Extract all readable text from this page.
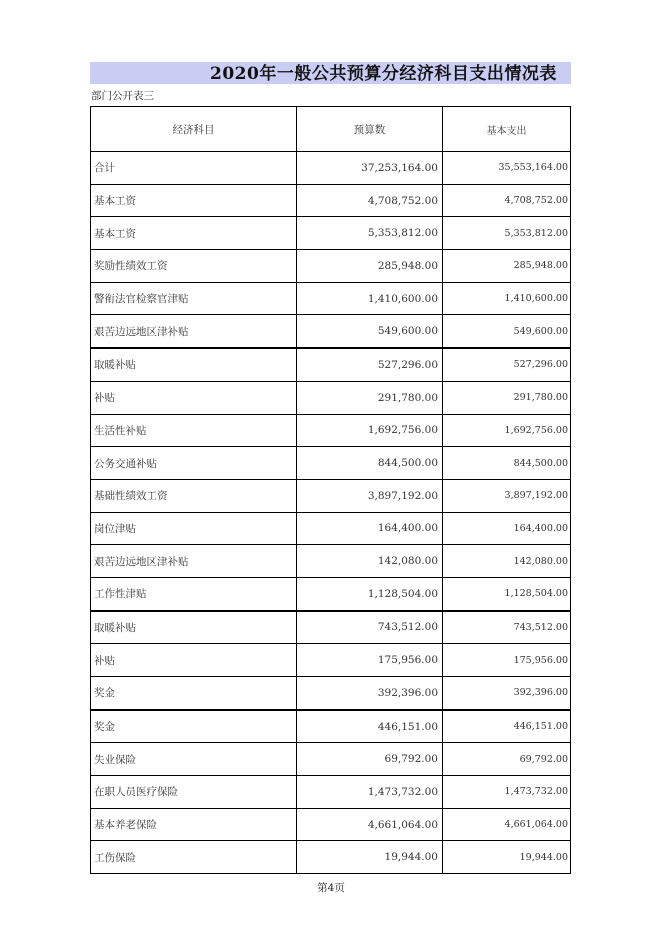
2020年一般公共预算分经济科目支出情况表
部门公开表三
经济科目	预算数	基本支出
合计	37,253,164.00	35,553,164.00
基本工资	4,708,752.00	4,708,752.00
基本工资	5,353,812.00	5,353,812.00
奖励性绩效工资	285,948.00	285,948.00
警衔法官检察官津贴	1,410,600.00	1,410,600.00
艰苦边远地区津补贴	549,600.00	549,600.00
取暖补贴	527,296.00	527,296.00
补贴	291,780.00	291,780.00
生活性补贴	1,692,756.00	1,692,756.00
公务交通补贴	844,500.00	844,500.00
基础性绩效工资	3,897,192.00	3,897,192.00
岗位津贴	164,400.00	164,400.00
艰苦边远地区津补贴	142,080.00	142,080.00
工作性津贴	1,128,504.00	1,128,504.00
取暖补贴	743,512.00	743,512.00
补贴	175,956.00	175,956.00
奖金	392,396.00	392,396.00
奖金	446,151.00	446,151.00
失业保险	69,792.00	69,792.00
在职人员医疗保险	1,473,732.00	1,473,732.00
基本养老保险	4,661,064.00	4,661,064.00
工伤保险	19,944.00	19,944.00
第4页
